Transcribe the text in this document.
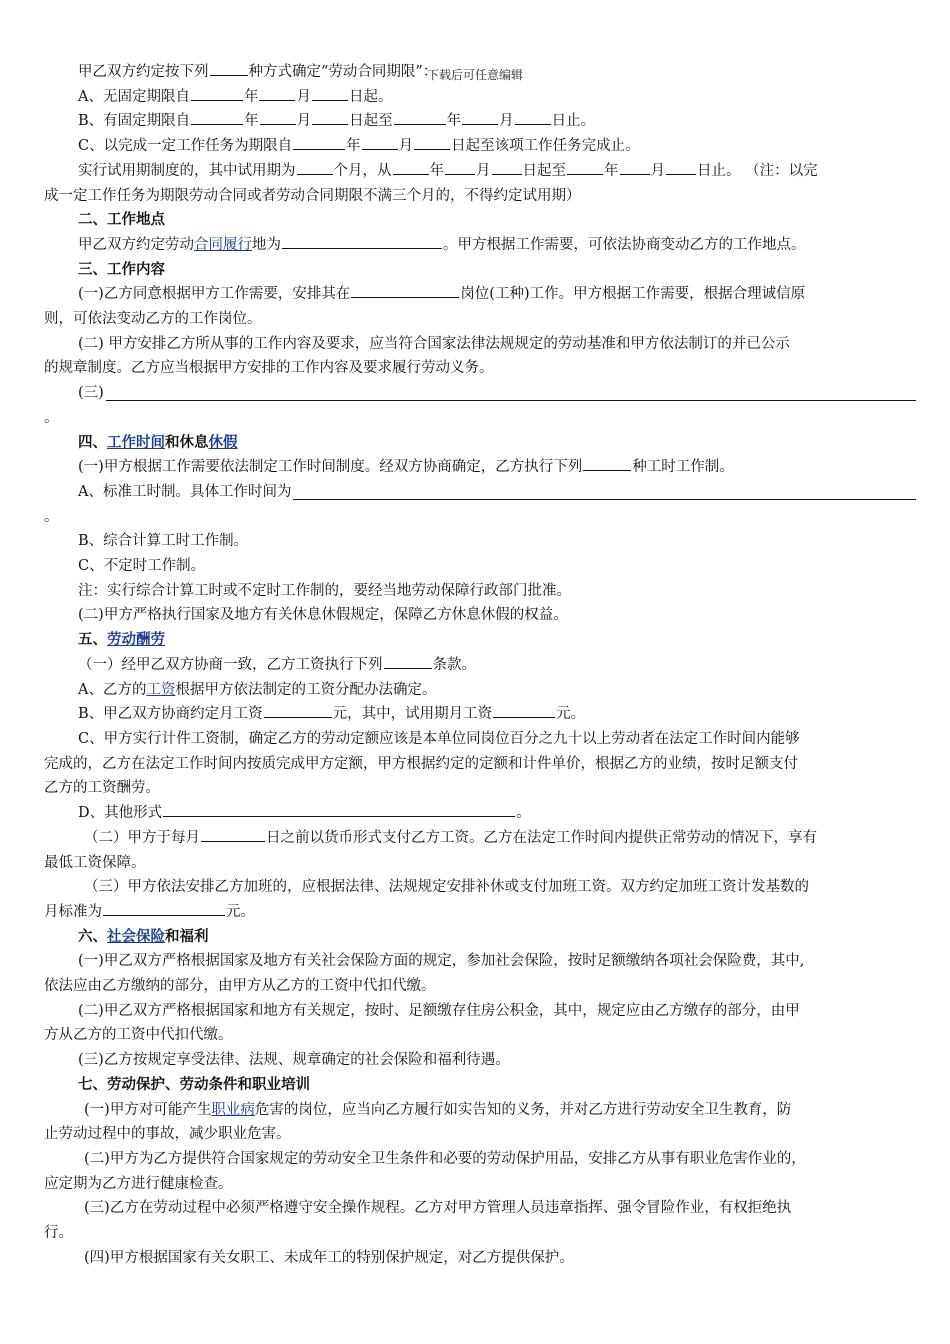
下载后可任意编辑
甲乙双方约定按下列	种方式确定“劳动合同期限”：
A、无固定期限自	年	月	日起。
B、有固定期限自	年	月	日起至	年	月	日止。
C、以完成一定工作任务为期限自	年	月	日起至该项工作任务完成止。
实行试用期制度的，其中试用期为	个月，从	年 月 日起至	年 月 日止。 （注：以完
成一定工作任务为期限劳动合同或者劳动合同期限不满三个月的，不得约定试用期）
二、工作地点
甲乙双方约定劳动合同履行地为	。甲方根据工作需要，可依法协商变动乙方的工作地点。
三、工作内容
(一)乙方同意根据甲方工作需要，安排其在	岗位(工种)工作。甲方根据工作需要，根据合理诚信原
则，可依法变动乙方的工作岗位。
(二) 甲方安排乙方所从事的工作内容及要求，应当符合国家法律法规规定的劳动基准和甲方依法制订的并已公示
的规章制度。乙方应当根据甲方安排的工作内容及要求履行劳动义务。
(三)
。
四、工作时间和休息休假
(一)甲方根据工作需要依法制定工作时间制度。经双方协商确定，乙方执行下列	种工时工作制。
A、标准工时制。具体工作时间为
。
B、综合计算工时工作制。
C、不定时工作制。
注：实行综合计算工时或不定时工作制的，要经当地劳动保障行政部门批准。
(二)甲方严格执行国家及地方有关休息休假规定，保障乙方休息休假的权益。
五、劳动酬劳
（一）经甲乙双方协商一致，乙方工资执行下列	条款。
A、乙方的工资根据甲方依法制定的工资分配办法确定。
B、甲乙双方协商约定月工资	元，其中，试用期月工资	元。
C、甲方实行计件工资制，确定乙方的劳动定额应该是本单位同岗位百分之九十以上劳动者在法定工作时间内能够
完成的，乙方在法定工作时间内按质完成甲方定额，甲方根据约定的定额和计件单价，根据乙方的业绩，按时足额支付
乙方的工资酬劳。
D、其他形式	。
（二）甲方于每月	日之前以货币形式支付乙方工资。乙方在法定工作时间内提供正常劳动的情况下，享有
最低工资保障。
（三）甲方依法安排乙方加班的，应根据法律、法规规定安排补休或支付加班工资。双方约定加班工资计发基数的
月标准为	元。
六、社会保险和福利
(一)甲乙双方严格根据国家及地方有关社会保险方面的规定，参加社会保险，按时足额缴纳各项社会保险费，其中,
依法应由乙方缴纳的部分，由甲方从乙方的工资中代扣代缴。
(二)甲乙双方严格根据国家和地方有关规定，按时、足额缴存住房公积金，其中，规定应由乙方缴存的部分，由甲
方从乙方的工资中代扣代缴。
(三)乙方按规定享受法律、法规、规章确定的社会保险和福利待遇。
七、劳动保护、劳动条件和职业培训
(一)甲方对可能产生职业病危害的岗位，应当向乙方履行如实告知的义务，并对乙方进行劳动安全卫生教育，防
止劳动过程中的事故，减少职业危害。
(二)甲方为乙方提供符合国家规定的劳动安全卫生条件和必要的劳动保护用品，安排乙方从事有职业危害作业的，
应定期为乙方进行健康检查。
(三)乙方在劳动过程中必须严格遵守安全操作规程。乙方对甲方管理人员违章指挥、强令冒险作业，有权拒绝执
行。
(四)甲方根据国家有关女职工、未成年工的特别保护规定，对乙方提供保护。
